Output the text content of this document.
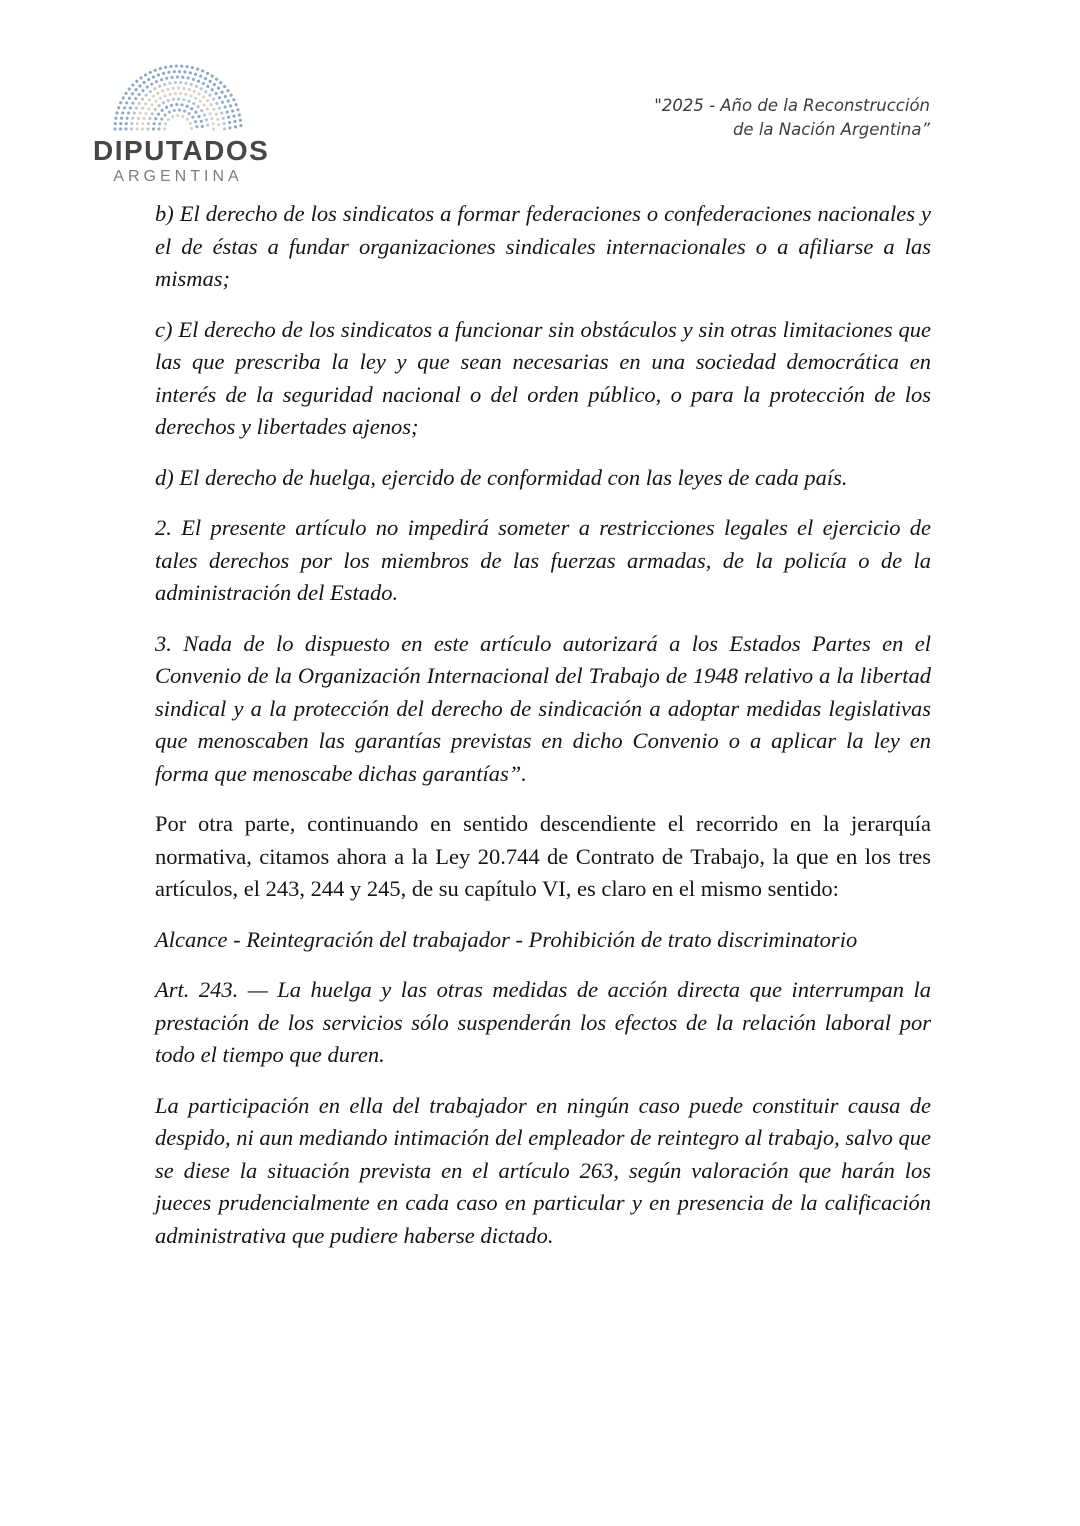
DIPUTADOS
ARGENTINA
"2025 - Año de la Reconstrucción
de la Nación Argentina”

b) El derecho de los sindicatos a formar federaciones o confederaciones nacionales y el de éstas a fundar organizaciones sindicales internacionales o a afiliarse a las mismas;

c) El derecho de los sindicatos a funcionar sin obstáculos y sin otras limitaciones que las que prescriba la ley y que sean necesarias en una sociedad democrática en interés de la seguridad nacional o del orden público, o para la protección de los derechos y libertades ajenos;

d) El derecho de huelga, ejercido de conformidad con las leyes de cada país.

2. El presente artículo no impedirá someter a restricciones legales el ejercicio de tales derechos por los miembros de las fuerzas armadas, de la policía o de la administración del Estado.

3. Nada de lo dispuesto en este artículo autorizará a los Estados Partes en el Convenio de la Organización Internacional del Trabajo de 1948 relativo a la libertad sindical y a la protección del derecho de sindicación a adoptar medidas legislativas que menoscaben las garantías previstas en dicho Convenio o a aplicar la ley en forma que menoscabe dichas garantías”.

Por otra parte, continuando en sentido descendiente el recorrido en la jerarquía normativa, citamos ahora a la Ley 20.744 de Contrato de Trabajo, la que en los tres artículos, el 243, 244 y 245, de su capítulo VI, es claro en el mismo sentido:

Alcance - Reintegración del trabajador - Prohibición de trato discriminatorio

Art. 243. — La huelga y las otras medidas de acción directa que interrumpan la prestación de los servicios sólo suspenderán los efectos de la relación laboral por todo el tiempo que duren.

La participación en ella del trabajador en ningún caso puede constituir causa de despido, ni aun mediando intimación del empleador de reintegro al trabajo, salvo que se diese la situación prevista en el artículo 263, según valoración que harán los jueces prudencialmente en cada caso en particular y en presencia de la calificación administrativa que pudiere haberse dictado.
